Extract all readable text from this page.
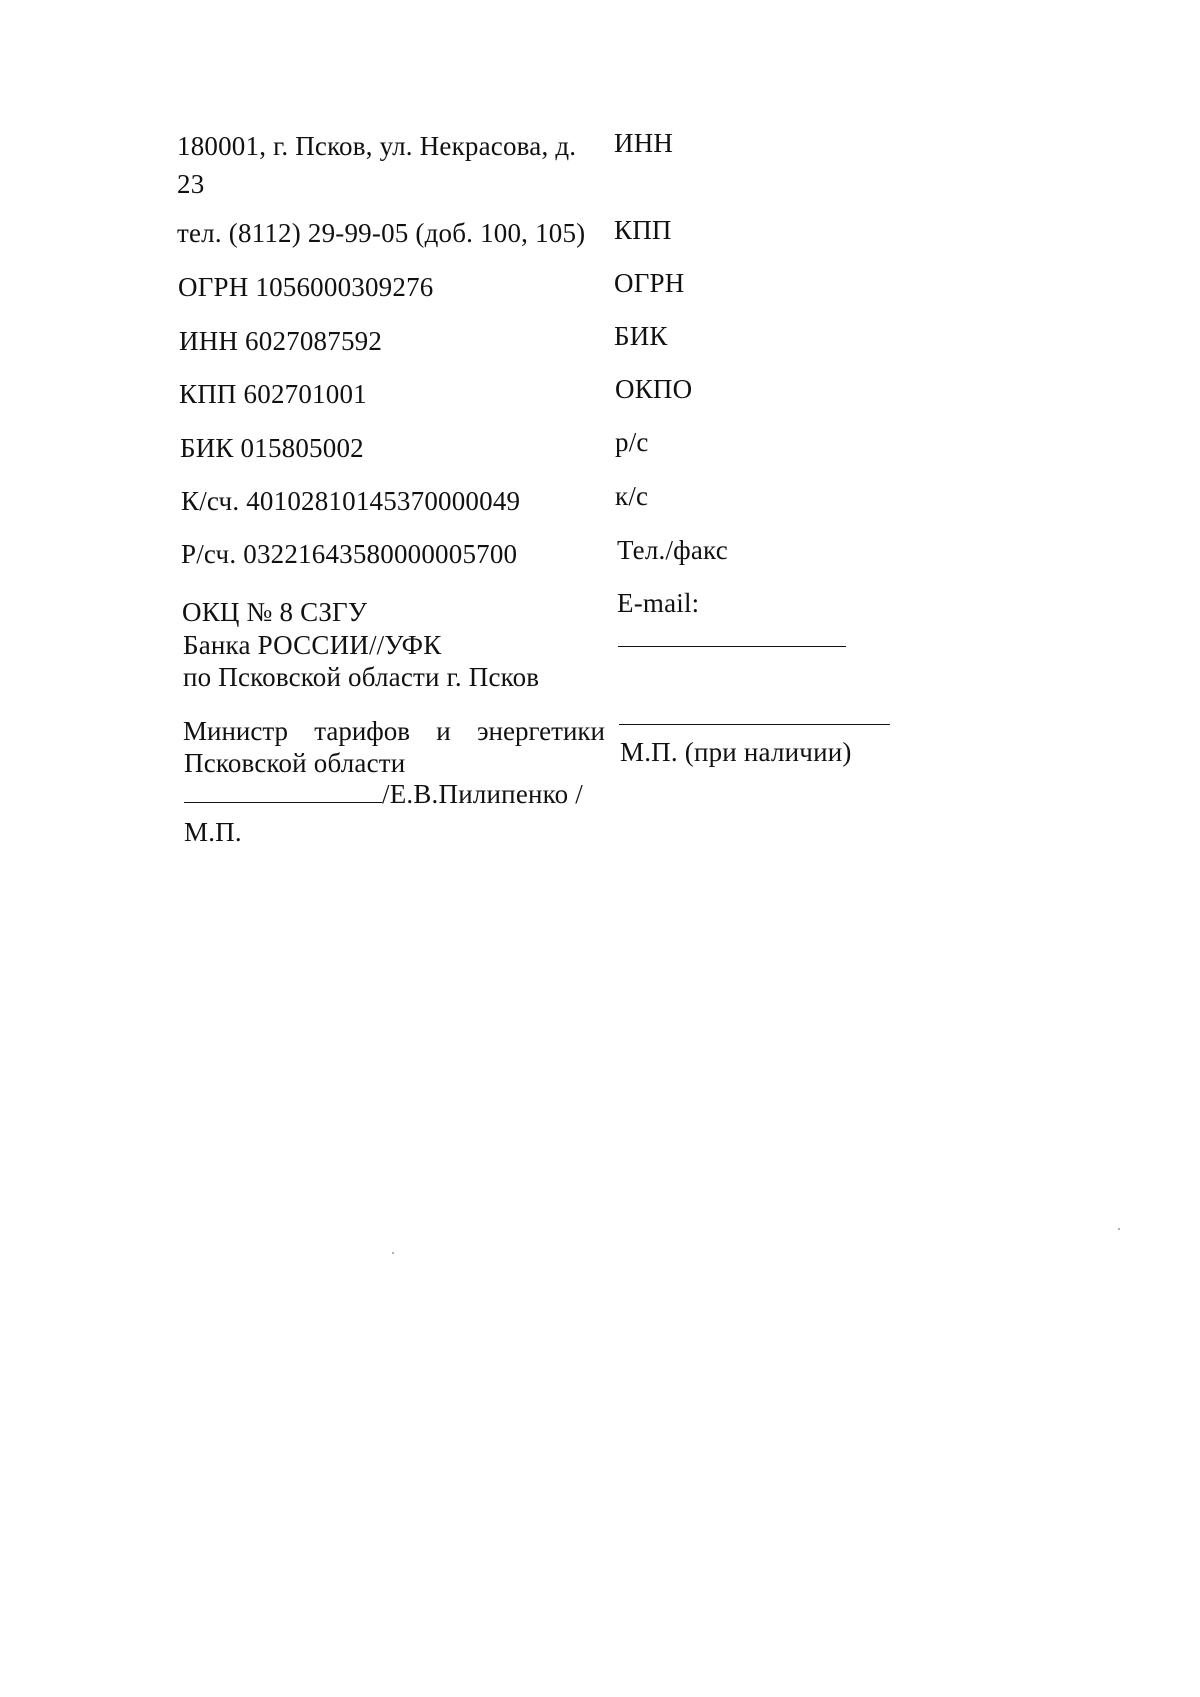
180001, г. Псков, ул. Некрасова, д.
23
тел. (8112) 29-99-05 (доб. 100, 105)
ОГРН 1056000309276
ИНН 6027087592
КПП 602701001
БИК 015805002
К/сч. 40102810145370000049
Р/сч. 03221643580000005700
ОКЦ № 8 СЗГУ
Банка РОССИИ//УФК
по Псковской области г. Псков
Министр тарифов и энергетики
Псковской области
/Е.В.Пилипенко /
М.П.
ИНН
КПП
ОГРН
БИК
ОКПО
р/с
к/с
Тел./факс
E-mail:
М.П. (при наличии)
